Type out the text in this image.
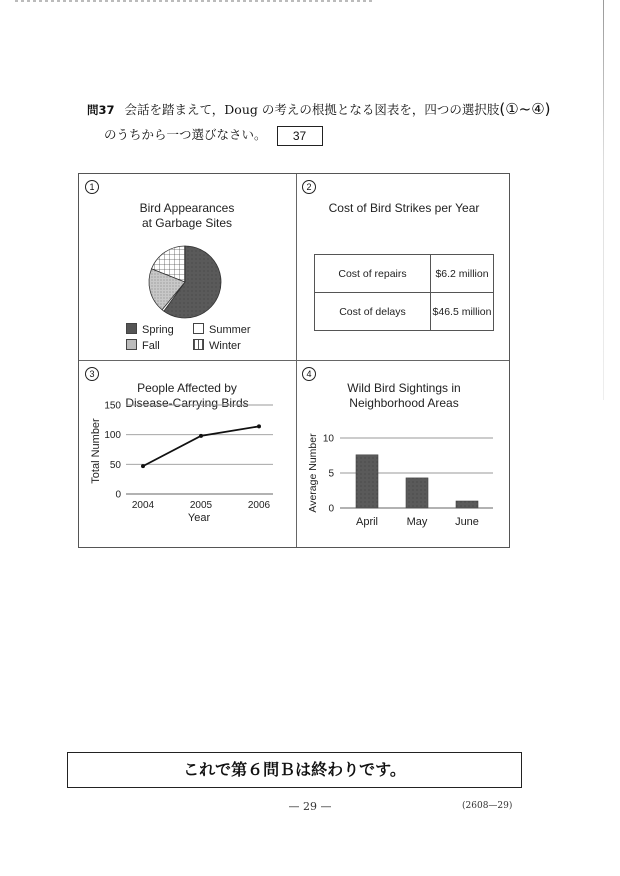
問37 会話を踏まえて，Doug の考えの根拠となる図表を，四つの選択肢(①~④)
のうちから一つ選びなさい。 37
1
Bird Appearances
at Garbage Sites
Spring	Summer
Fall	Winter
2
Cost of Bird Strikes per Year
Cost of repairs	$6.2 million
Cost of delays	$46.5 million
3
People Affected by
Disease-Carrying Birds
0
50
100
150
2004	2005	2006
Year
Total Number
4
Wild Bird Sightings in
Neighborhood Areas
0
5
10
Average Number
April	May	June
これで第６問Ｂは終わりです。
— 29 —	(2608—29)
